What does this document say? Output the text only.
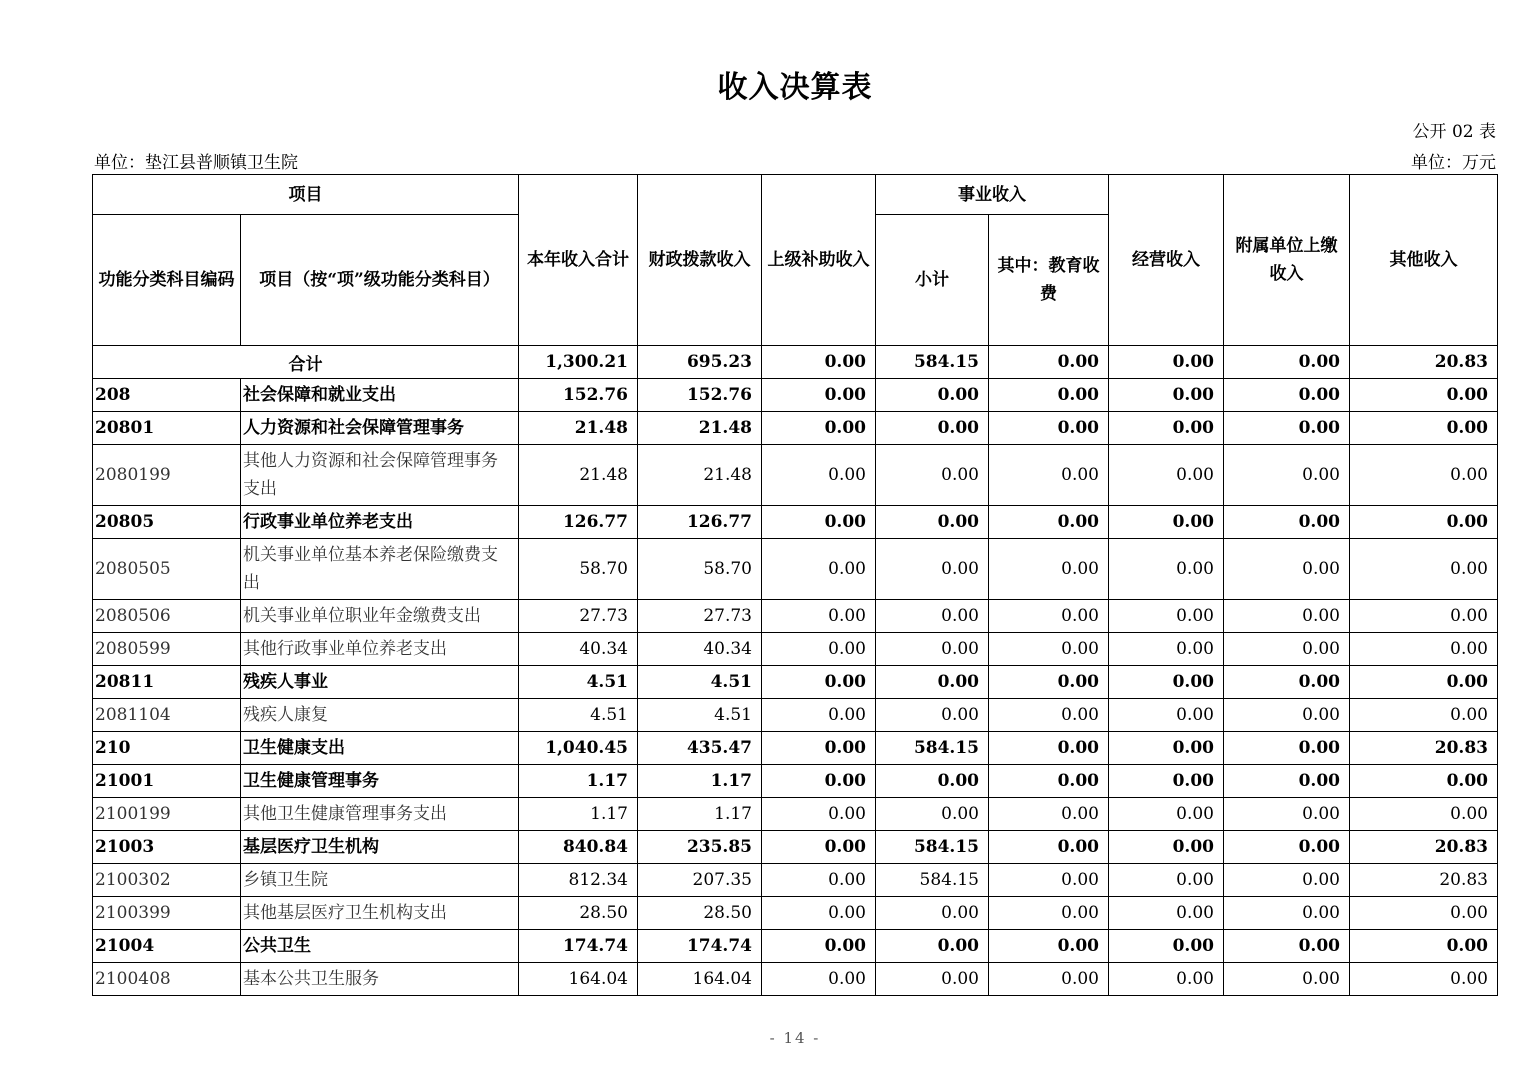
收入决算表
公开 02 表
单位：垫江县普顺镇卫生院	单位：万元
项目		本年收入合计	财政拨款收入	上级补助收入	事业收入		经营收入	附属单位上缴收入	其他收入
功能分类科目编码	项目（按“项”级功能分类科目）				小计	其中：教育收费			
合计		1,300.21	695.23	0.00	584.15	0.00	0.00	0.00	20.83
208	社会保障和就业支出	152.76	152.76	0.00	0.00	0.00	0.00	0.00	0.00
20801	人力资源和社会保障管理事务	21.48	21.48	0.00	0.00	0.00	0.00	0.00	0.00
2080199	其他人力资源和社会保障管理事务支出	21.48	21.48	0.00	0.00	0.00	0.00	0.00	0.00
20805	行政事业单位养老支出	126.77	126.77	0.00	0.00	0.00	0.00	0.00	0.00
2080505	机关事业单位基本养老保险缴费支出	58.70	58.70	0.00	0.00	0.00	0.00	0.00	0.00
2080506	机关事业单位职业年金缴费支出	27.73	27.73	0.00	0.00	0.00	0.00	0.00	0.00
2080599	其他行政事业单位养老支出	40.34	40.34	0.00	0.00	0.00	0.00	0.00	0.00
20811	残疾人事业	4.51	4.51	0.00	0.00	0.00	0.00	0.00	0.00
2081104	残疾人康复	4.51	4.51	0.00	0.00	0.00	0.00	0.00	0.00
210	卫生健康支出	1,040.45	435.47	0.00	584.15	0.00	0.00	0.00	20.83
21001	卫生健康管理事务	1.17	1.17	0.00	0.00	0.00	0.00	0.00	0.00
2100199	其他卫生健康管理事务支出	1.17	1.17	0.00	0.00	0.00	0.00	0.00	0.00
21003	基层医疗卫生机构	840.84	235.85	0.00	584.15	0.00	0.00	0.00	20.83
2100302	乡镇卫生院	812.34	207.35	0.00	584.15	0.00	0.00	0.00	20.83
2100399	其他基层医疗卫生机构支出	28.50	28.50	0.00	0.00	0.00	0.00	0.00	0.00
21004	公共卫生	174.74	174.74	0.00	0.00	0.00	0.00	0.00	0.00
2100408	基本公共卫生服务	164.04	164.04	0.00	0.00	0.00	0.00	0.00	0.00
- 14 -
